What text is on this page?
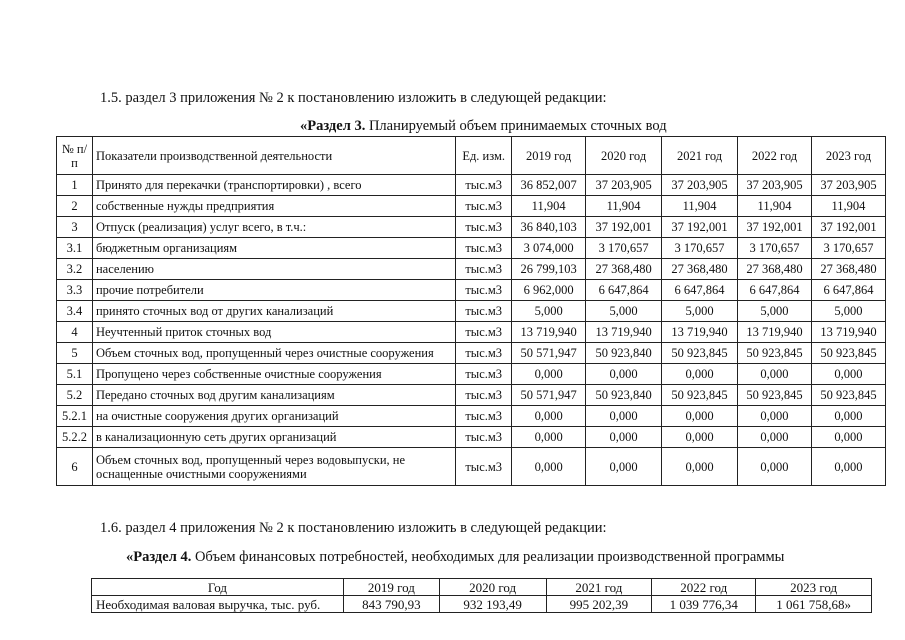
1.5. раздел 3 приложения № 2 к постановлению изложить в следующей редакции:
«Раздел 3. Планируемый объем принимаемых сточных вод
№ п/п	Показатели производственной деятельности	Ед. изм.	2019 год	2020 год	2021 год	2022 год	2023 год
1	Принято для перекачки (транспортировки) , всего	тыс.м3	36 852,007	37 203,905	37 203,905	37 203,905	37 203,905
2	собственные нужды предприятия	тыс.м3	11,904	11,904	11,904	11,904	11,904
3	Отпуск (реализация) услуг всего, в т.ч.:	тыс.м3	36 840,103	37 192,001	37 192,001	37 192,001	37 192,001
3.1	бюджетным организациям	тыс.м3	3 074,000	3 170,657	3 170,657	3 170,657	3 170,657
3.2	населению	тыс.м3	26 799,103	27 368,480	27 368,480	27 368,480	27 368,480
3.3	прочие потребители	тыс.м3	6 962,000	6 647,864	6 647,864	6 647,864	6 647,864
3.4	принято сточных вод от других канализаций	тыс.м3	5,000	5,000	5,000	5,000	5,000
4	Неучтенный приток сточных вод	тыс.м3	13 719,940	13 719,940	13 719,940	13 719,940	13 719,940
5	Объем сточных вод, пропущенный через очистные сооружения	тыс.м3	50 571,947	50 923,840	50 923,845	50 923,845	50 923,845
5.1	Пропущено через собственные очистные сооружения	тыс.м3	0,000	0,000	0,000	0,000	0,000
5.2	Передано сточных вод другим канализациям	тыс.м3	50 571,947	50 923,840	50 923,845	50 923,845	50 923,845
5.2.1	на очистные сооружения других организаций	тыс.м3	0,000	0,000	0,000	0,000	0,000
5.2.2	в канализационную сеть других организаций	тыс.м3	0,000	0,000	0,000	0,000	0,000
6	Объем сточных вод, пропущенный через водовыпуски, не оснащенные очистными сооружениями	тыс.м3	0,000	0,000	0,000	0,000	0,000
1.6. раздел 4 приложения № 2 к постановлению изложить в следующей редакции:
«Раздел 4. Объем финансовых потребностей, необходимых для реализации производственной программы
Год	2019 год	2020 год	2021 год	2022 год	2023 год
Необходимая валовая выручка, тыс. руб.	843 790,93	932 193,49	995 202,39	1 039 776,34	1 061 758,68»
